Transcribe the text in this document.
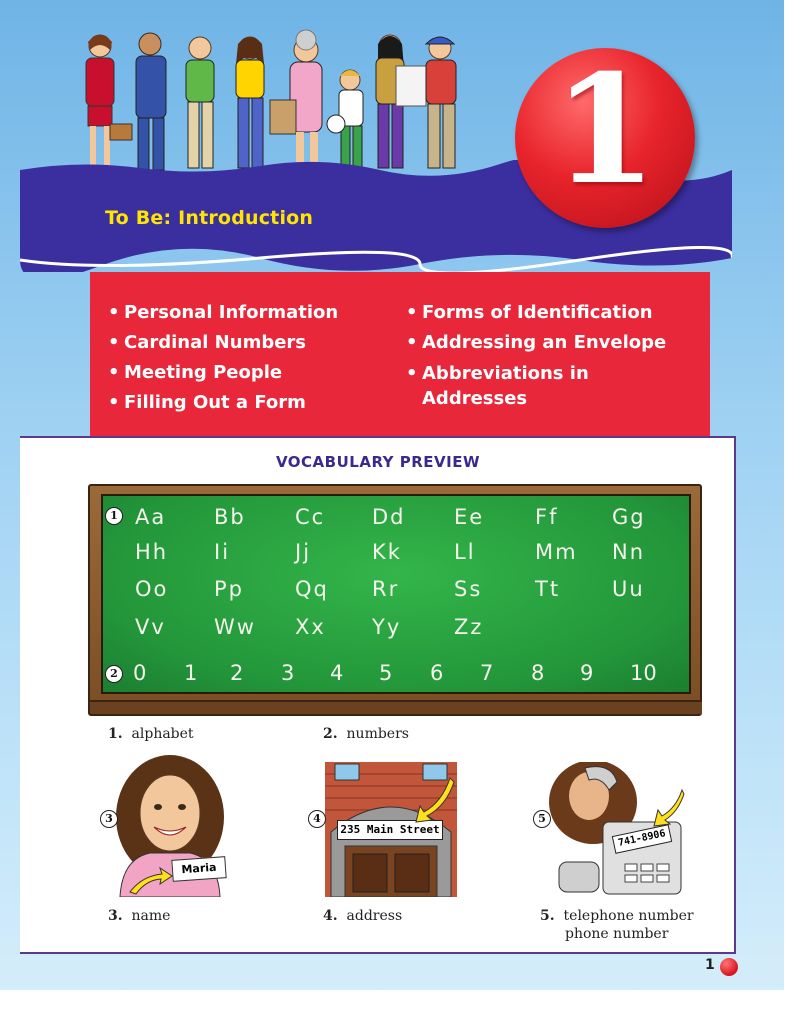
To Be: Introduction 1
• Personal Information
• Cardinal Numbers
• Meeting People
• Filling Out a Form
• Forms of Identification
• Addressing an Envelope
• Abbreviations in
Addresses
VOCABULARY PREVIEW
Aa Bb Cc Dd Ee Ff	Gg
Hh Ii	Jj	Kk Ll	Mm Nn
Oo Pp Qq Rr	Ss	Tt Uu
Vv Ww Xx Yy	Zz
0 1 2 3 4 5 6 7 8 9 10
1
2
1. alphabet	2. numbers
Maria
3
235 Main Street
4
741-8906
5
3. name	4. address	5. telephone number
phone number
1
